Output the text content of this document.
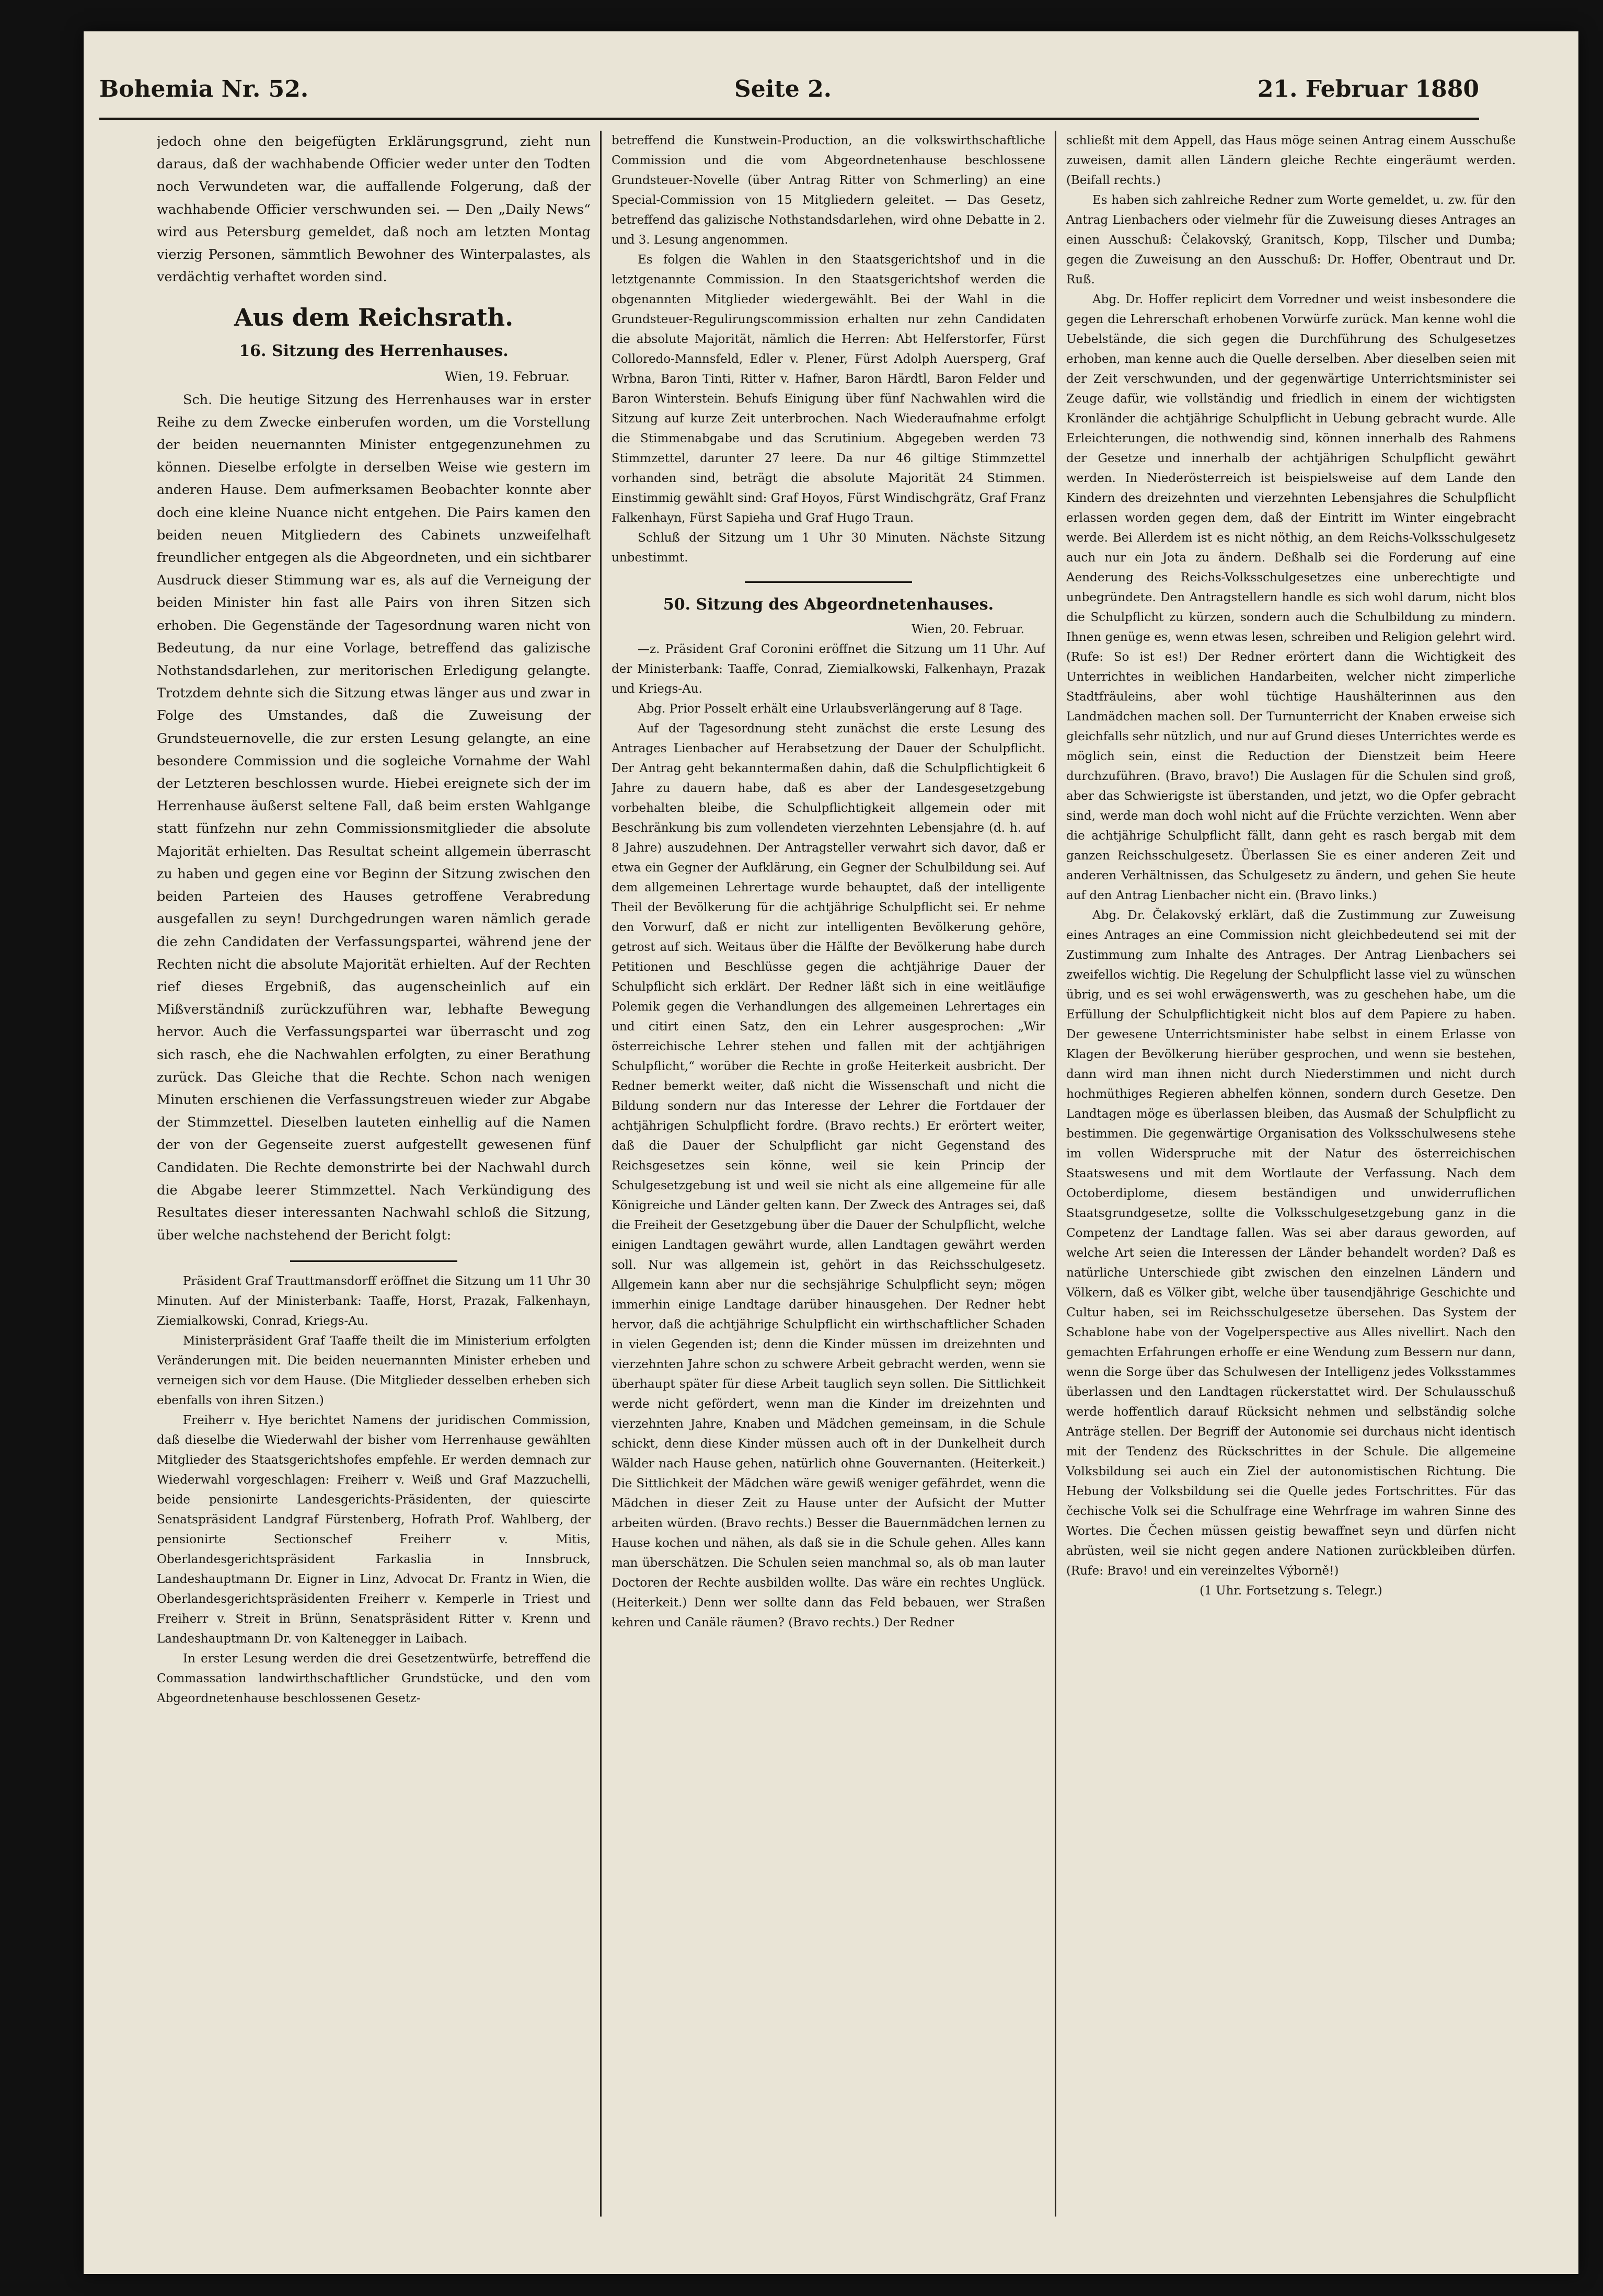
Bohemia Nr. 52.	Seite 2.	21. Februar 1880

jedoch ohne den beigefügten Erklärungsgrund, zieht nun daraus, daß der wachhabende Officier weder unter den Todten noch Verwundeten war, die auffallende Folgerung, daß der wachhabende Officier verschwunden sei. — Den „Daily News“ wird aus Petersburg gemeldet, daß noch am letzten Montag vierzig Personen, sämmtlich Bewohner des Winterpalastes, als verdächtig verhaftet worden sind.

Aus dem Reichsrath.
16. Sitzung des Herrenhauses.
Wien, 19. Februar.

Sch. Die heutige Sitzung des Herrenhauses war in erster Reihe zu dem Zwecke einberufen worden, um die Vorstellung der beiden neuernannten Minister entgegenzunehmen zu können. Dieselbe erfolgte in derselben Weise wie gestern im anderen Hause. Dem aufmerksamen Beobachter konnte aber doch eine kleine Nuance nicht entgehen. Die Pairs kamen den beiden neuen Mitgliedern des Cabinets unzweifelhaft freundlicher entgegen als die Abgeordneten, und ein sichtbarer Ausdruck dieser Stimmung war es, als auf die Verneigung der beiden Minister hin fast alle Pairs von ihren Sitzen sich erhoben. Die Gegenstände der Tagesordnung waren nicht von Bedeutung, da nur eine Vorlage, betreffend das galizische Nothstandsdarlehen, zur meritorischen Erledigung gelangte. Trotzdem dehnte sich die Sitzung etwas länger aus und zwar in Folge des Umstandes, daß die Zuweisung der Grundsteuernovelle, die zur ersten Lesung gelangte, an eine besondere Commission und die sogleiche Vornahme der Wahl der Letzteren beschlossen wurde. Hiebei ereignete sich der im Herrenhause äußerst seltene Fall, daß beim ersten Wahlgange statt fünfzehn nur zehn Commissionsmitglieder die absolute Majorität erhielten. Das Resultat scheint allgemein überrascht zu haben und gegen eine vor Beginn der Sitzung zwischen den beiden Parteien des Hauses getroffene Verabredung ausgefallen zu seyn! Durchgedrungen waren nämlich gerade die zehn Candidaten der Verfassungspartei, während jene der Rechten nicht die absolute Majorität erhielten. Auf der Rechten rief dieses Ergebniß, das augenscheinlich auf ein Mißverständniß zurückzuführen war, lebhafte Bewegung hervor. Auch die Verfassungspartei war überrascht und zog sich rasch, ehe die Nachwahlen erfolgten, zu einer Berathung zurück. Das Gleiche that die Rechte. Schon nach wenigen Minuten erschienen die Verfassungstreuen wieder zur Abgabe der Stimmzettel. Dieselben lauteten einhellig auf die Namen der von der Gegenseite zuerst aufgestellt gewesenen fünf Candidaten. Die Rechte demonstrirte bei der Nachwahl durch die Abgabe leerer Stimmzettel. Nach Verkündigung des Resultates dieser interessanten Nachwahl schloß die Sitzung, über welche nachstehend der Bericht folgt:

Präsident Graf Trauttmansdorff eröffnet die Sitzung um 11 Uhr 30 Minuten. Auf der Ministerbank: Taaffe, Horst, Prazak, Falkenhayn, Ziemialkowski, Conrad, Kriegs-Au.

Ministerpräsident Graf Taaffe theilt die im Ministerium erfolgten Veränderungen mit. Die beiden neuernannten Minister erheben und verneigen sich vor dem Hause. (Die Mitglieder desselben erheben sich ebenfalls von ihren Sitzen.)

Freiherr v. Hye berichtet Namens der juridischen Commission, daß dieselbe die Wiederwahl der bisher vom Herrenhause gewählten Mitglieder des Staatsgerichtshofes empfehle. Er werden demnach zur Wiederwahl vorgeschlagen: Freiherr v. Weiß und Graf Mazzuchelli, beide pensionirte Landesgerichts-Präsidenten, der quiescirte Senatspräsident Landgraf Fürstenberg, Hofrath Prof. Wahlberg, der pensionirte Sectionschef Freiherr v. Mitis, Oberlandesgerichtspräsident Farkaslia in Innsbruck, Landeshauptmann Dr. Eigner in Linz, Advocat Dr. Frantz in Wien, die Oberlandesgerichtspräsidenten Freiherr v. Kemperle in Triest und Freiherr v. Streit in Brünn, Senatspräsident Ritter v. Krenn und Landeshauptmann Dr. von Kaltenegger in Laibach.

In erster Lesung werden die drei Gesetzentwürfe, betreffend die Commassation landwirthschaftlicher Grundstücke, und den vom Abgeordnetenhause beschlossenen Gesetz-

betreffend die Kunstwein-Production, an die volkswirthschaftliche Commission und die vom Abgeordnetenhause beschlossene Grundsteuer-Novelle (über Antrag Ritter von Schmerling) an eine Special-Commission von 15 Mitgliedern geleitet. — Das Gesetz, betreffend das galizische Nothstandsdarlehen, wird ohne Debatte in 2. und 3. Lesung angenommen.

Es folgen die Wahlen in den Staatsgerichtshof und in die letztgenannte Commission. In den Staatsgerichtshof werden die obgenannten Mitglieder wiedergewählt. Bei der Wahl in die Grundsteuer-Regulirungscommission erhalten nur zehn Candidaten die absolute Majorität, nämlich die Herren: Abt Helferstorfer, Fürst Colloredo-Mannsfeld, Edler v. Plener, Fürst Adolph Auersperg, Graf Wrbna, Baron Tinti, Ritter v. Hafner, Baron Härdtl, Baron Felder und Baron Winterstein. Behufs Einigung über fünf Nachwahlen wird die Sitzung auf kurze Zeit unterbrochen. Nach Wiederaufnahme erfolgt die Stimmenabgabe und das Scrutinium. Abgegeben werden 73 Stimmzettel, darunter 27 leere. Da nur 46 giltige Stimmzettel vorhanden sind, beträgt die absolute Majorität 24 Stimmen. Einstimmig gewählt sind: Graf Hoyos, Fürst Windischgrätz, Graf Franz Falkenhayn, Fürst Sapieha und Graf Hugo Traun.

Schluß der Sitzung um 1 Uhr 30 Minuten. Nächste Sitzung unbestimmt.

50. Sitzung des Abgeordnetenhauses.
Wien, 20. Februar.

—z. Präsident Graf Coronini eröffnet die Sitzung um 11 Uhr. Auf der Ministerbank: Taaffe, Conrad, Ziemialkowski, Falkenhayn, Prazak und Kriegs-Au.

Abg. Prior Posselt erhält eine Urlaubsverlängerung auf 8 Tage.

Auf der Tagesordnung steht zunächst die erste Lesung des Antrages Lienbacher auf Herabsetzung der Dauer der Schulpflicht. Der Antrag geht bekanntermaßen dahin, daß die Schulpflichtigkeit 6 Jahre zu dauern habe, daß es aber der Landesgesetzgebung vorbehalten bleibe, die Schulpflichtigkeit allgemein oder mit Beschränkung bis zum vollendeten vierzehnten Lebensjahre (d. h. auf 8 Jahre) auszudehnen. Der Antragsteller verwahrt sich davor, daß er etwa ein Gegner der Aufklärung, ein Gegner der Schulbildung sei. Auf dem allgemeinen Lehrertage wurde behauptet, daß der intelligente Theil der Bevölkerung für die achtjährige Schulpflicht sei. Er nehme den Vorwurf, daß er nicht zur intelligenten Bevölkerung gehöre, getrost auf sich. Weitaus über die Hälfte der Bevölkerung habe durch Petitionen und Beschlüsse gegen die achtjährige Dauer der Schulpflicht sich erklärt. Der Redner läßt sich in eine weitläufige Polemik gegen die Verhandlungen des allgemeinen Lehrertages ein und citirt einen Satz, den ein Lehrer ausgesprochen: „Wir österreichische Lehrer stehen und fallen mit der achtjährigen Schulpflicht,“ worüber die Rechte in große Heiterkeit ausbricht. Der Redner bemerkt weiter, daß nicht die Wissenschaft und nicht die Bildung sondern nur das Interesse der Lehrer die Fortdauer der achtjährigen Schulpflicht fordre. (Bravo rechts.) Er erörtert weiter, daß die Dauer der Schulpflicht gar nicht Gegenstand des Reichsgesetzes sein könne, weil sie kein Princip der Schulgesetzgebung ist und weil sie nicht als eine allgemeine für alle Königreiche und Länder gelten kann. Der Zweck des Antrages sei, daß die Freiheit der Gesetzgebung über die Dauer der Schulpflicht, welche einigen Landtagen gewährt wurde, allen Landtagen gewährt werden soll. Nur was allgemein ist, gehört in das Reichsschulgesetz. Allgemein kann aber nur die sechsjährige Schulpflicht seyn; mögen immerhin einige Landtage darüber hinausgehen. Der Redner hebt hervor, daß die achtjährige Schulpflicht ein wirthschaftlicher Schaden in vielen Gegenden ist; denn die Kinder müssen im dreizehnten und vierzehnten Jahre schon zu schwere Arbeit gebracht werden, wenn sie überhaupt später für diese Arbeit tauglich seyn sollen. Die Sittlichkeit werde nicht gefördert, wenn man die Kinder im dreizehnten und vierzehnten Jahre, Knaben und Mädchen gemeinsam, in die Schule schickt, denn diese Kinder müssen auch oft in der Dunkelheit durch Wälder nach Hause gehen, natürlich ohne Gouvernanten. (Heiterkeit.) Die Sittlichkeit der Mädchen wäre gewiß weniger gefährdet, wenn die Mädchen in dieser Zeit zu Hause unter der Aufsicht der Mutter arbeiten würden. (Bravo rechts.) Besser die Bauernmädchen lernen zu Hause kochen und nähen, als daß sie in die Schule gehen. Alles kann man überschätzen. Die Schulen seien manchmal so, als ob man lauter Doctoren der Rechte ausbilden wollte. Das wäre ein rechtes Unglück. (Heiterkeit.) Denn wer sollte dann das Feld bebauen, wer Straßen kehren und Canäle räumen? (Bravo rechts.) Der Redner

schließt mit dem Appell, das Haus möge seinen Antrag einem Ausschuße zuweisen, damit allen Ländern gleiche Rechte eingeräumt werden. (Beifall rechts.)

Es haben sich zahlreiche Redner zum Worte gemeldet, u. zw. für den Antrag Lienbachers oder vielmehr für die Zuweisung dieses Antrages an einen Ausschuß: Čelakovský, Granitsch, Kopp, Tilscher und Dumba; gegen die Zuweisung an den Ausschuß: Dr. Hoffer, Obentraut und Dr. Ruß.

Abg. Dr. Hoffer replicirt dem Vorredner und weist insbesondere die gegen die Lehrerschaft erhobenen Vorwürfe zurück. Man kenne wohl die Uebelstände, die sich gegen die Durchführung des Schulgesetzes erhoben, man kenne auch die Quelle derselben. Aber dieselben seien mit der Zeit verschwunden, und der gegenwärtige Unterrichtsminister sei Zeuge dafür, wie vollständig und friedlich in einem der wichtigsten Kronländer die achtjährige Schulpflicht in Uebung gebracht wurde. Alle Erleichterungen, die nothwendig sind, können innerhalb des Rahmens der Gesetze und innerhalb der achtjährigen Schulpflicht gewährt werden. In Niederösterreich ist beispielsweise auf dem Lande den Kindern des dreizehnten und vierzehnten Lebensjahres die Schulpflicht erlassen worden gegen dem, daß der Eintritt im Winter eingebracht werde. Bei Allerdem ist es nicht nöthig, an dem Reichs-Volksschulgesetz auch nur ein Jota zu ändern. Deßhalb sei die Forderung auf eine Aenderung des Reichs-Volksschulgesetzes eine unberechtigte und unbegründete. Den Antragstellern handle es sich wohl darum, nicht blos die Schulpflicht zu kürzen, sondern auch die Schulbildung zu mindern. Ihnen genüge es, wenn etwas lesen, schreiben und Religion gelehrt wird. (Rufe: So ist es!) Der Redner erörtert dann die Wichtigkeit des Unterrichtes in weiblichen Handarbeiten, welcher nicht zimperliche Stadtfräuleins, aber wohl tüchtige Haushälterinnen aus den Landmädchen machen soll. Der Turnunterricht der Knaben erweise sich gleichfalls sehr nützlich, und nur auf Grund dieses Unterrichtes werde es möglich sein, einst die Reduction der Dienstzeit beim Heere durchzuführen. (Bravo, bravo!) Die Auslagen für die Schulen sind groß, aber das Schwierigste ist überstanden, und jetzt, wo die Opfer gebracht sind, werde man doch wohl nicht auf die Früchte verzichten. Wenn aber die achtjährige Schulpflicht fällt, dann geht es rasch bergab mit dem ganzen Reichsschulgesetz. Überlassen Sie es einer anderen Zeit und anderen Verhältnissen, das Schulgesetz zu ändern, und gehen Sie heute auf den Antrag Lienbacher nicht ein. (Bravo links.)

Abg. Dr. Čelakovský erklärt, daß die Zustimmung zur Zuweisung eines Antrages an eine Commission nicht gleichbedeutend sei mit der Zustimmung zum Inhalte des Antrages. Der Antrag Lienbachers sei zweifellos wichtig. Die Regelung der Schulpflicht lasse viel zu wünschen übrig, und es sei wohl erwägenswerth, was zu geschehen habe, um die Erfüllung der Schulpflichtigkeit nicht blos auf dem Papiere zu haben. Der gewesene Unterrichtsminister habe selbst in einem Erlasse von Klagen der Bevölkerung hierüber gesprochen, und wenn sie bestehen, dann wird man ihnen nicht durch Niederstimmen und nicht durch hochmüthiges Regieren abhelfen können, sondern durch Gesetze. Den Landtagen möge es überlassen bleiben, das Ausmaß der Schulpflicht zu bestimmen. Die gegenwärtige Organisation des Volksschulwesens stehe im vollen Widerspruche mit der Natur des österreichischen Staatswesens und mit dem Wortlaute der Verfassung. Nach dem Octoberdiplome, diesem beständigen und unwiderruflichen Staatsgrundgesetze, sollte die Volksschulgesetzgebung ganz in die Competenz der Landtage fallen. Was sei aber daraus geworden, auf welche Art seien die Interessen der Länder behandelt worden? Daß es natürliche Unterschiede gibt zwischen den einzelnen Ländern und Völkern, daß es Völker gibt, welche über tausendjährige Geschichte und Cultur haben, sei im Reichsschulgesetze übersehen. Das System der Schablone habe von der Vogelperspective aus Alles nivellirt. Nach den gemachten Erfahrungen erhoffe er eine Wendung zum Bessern nur dann, wenn die Sorge über das Schulwesen der Intelligenz jedes Volksstammes überlassen und den Landtagen rückerstattet wird. Der Schulausschuß werde hoffentlich darauf Rücksicht nehmen und selbständig solche Anträge stellen. Der Begriff der Autonomie sei durchaus nicht identisch mit der Tendenz des Rückschrittes in der Schule. Die allgemeine Volksbildung sei auch ein Ziel der autonomistischen Richtung. Die Hebung der Volksbildung sei die Quelle jedes Fortschrittes. Für das čechische Volk sei die Schulfrage eine Wehrfrage im wahren Sinne des Wortes. Die Čechen müssen geistig bewaffnet seyn und dürfen nicht abrüsten, weil sie nicht gegen andere Nationen zurückbleiben dürfen. (Rufe: Bravo! und ein vereinzeltes Výborně!)

(1 Uhr. Fortsetzung s. Telegr.)
